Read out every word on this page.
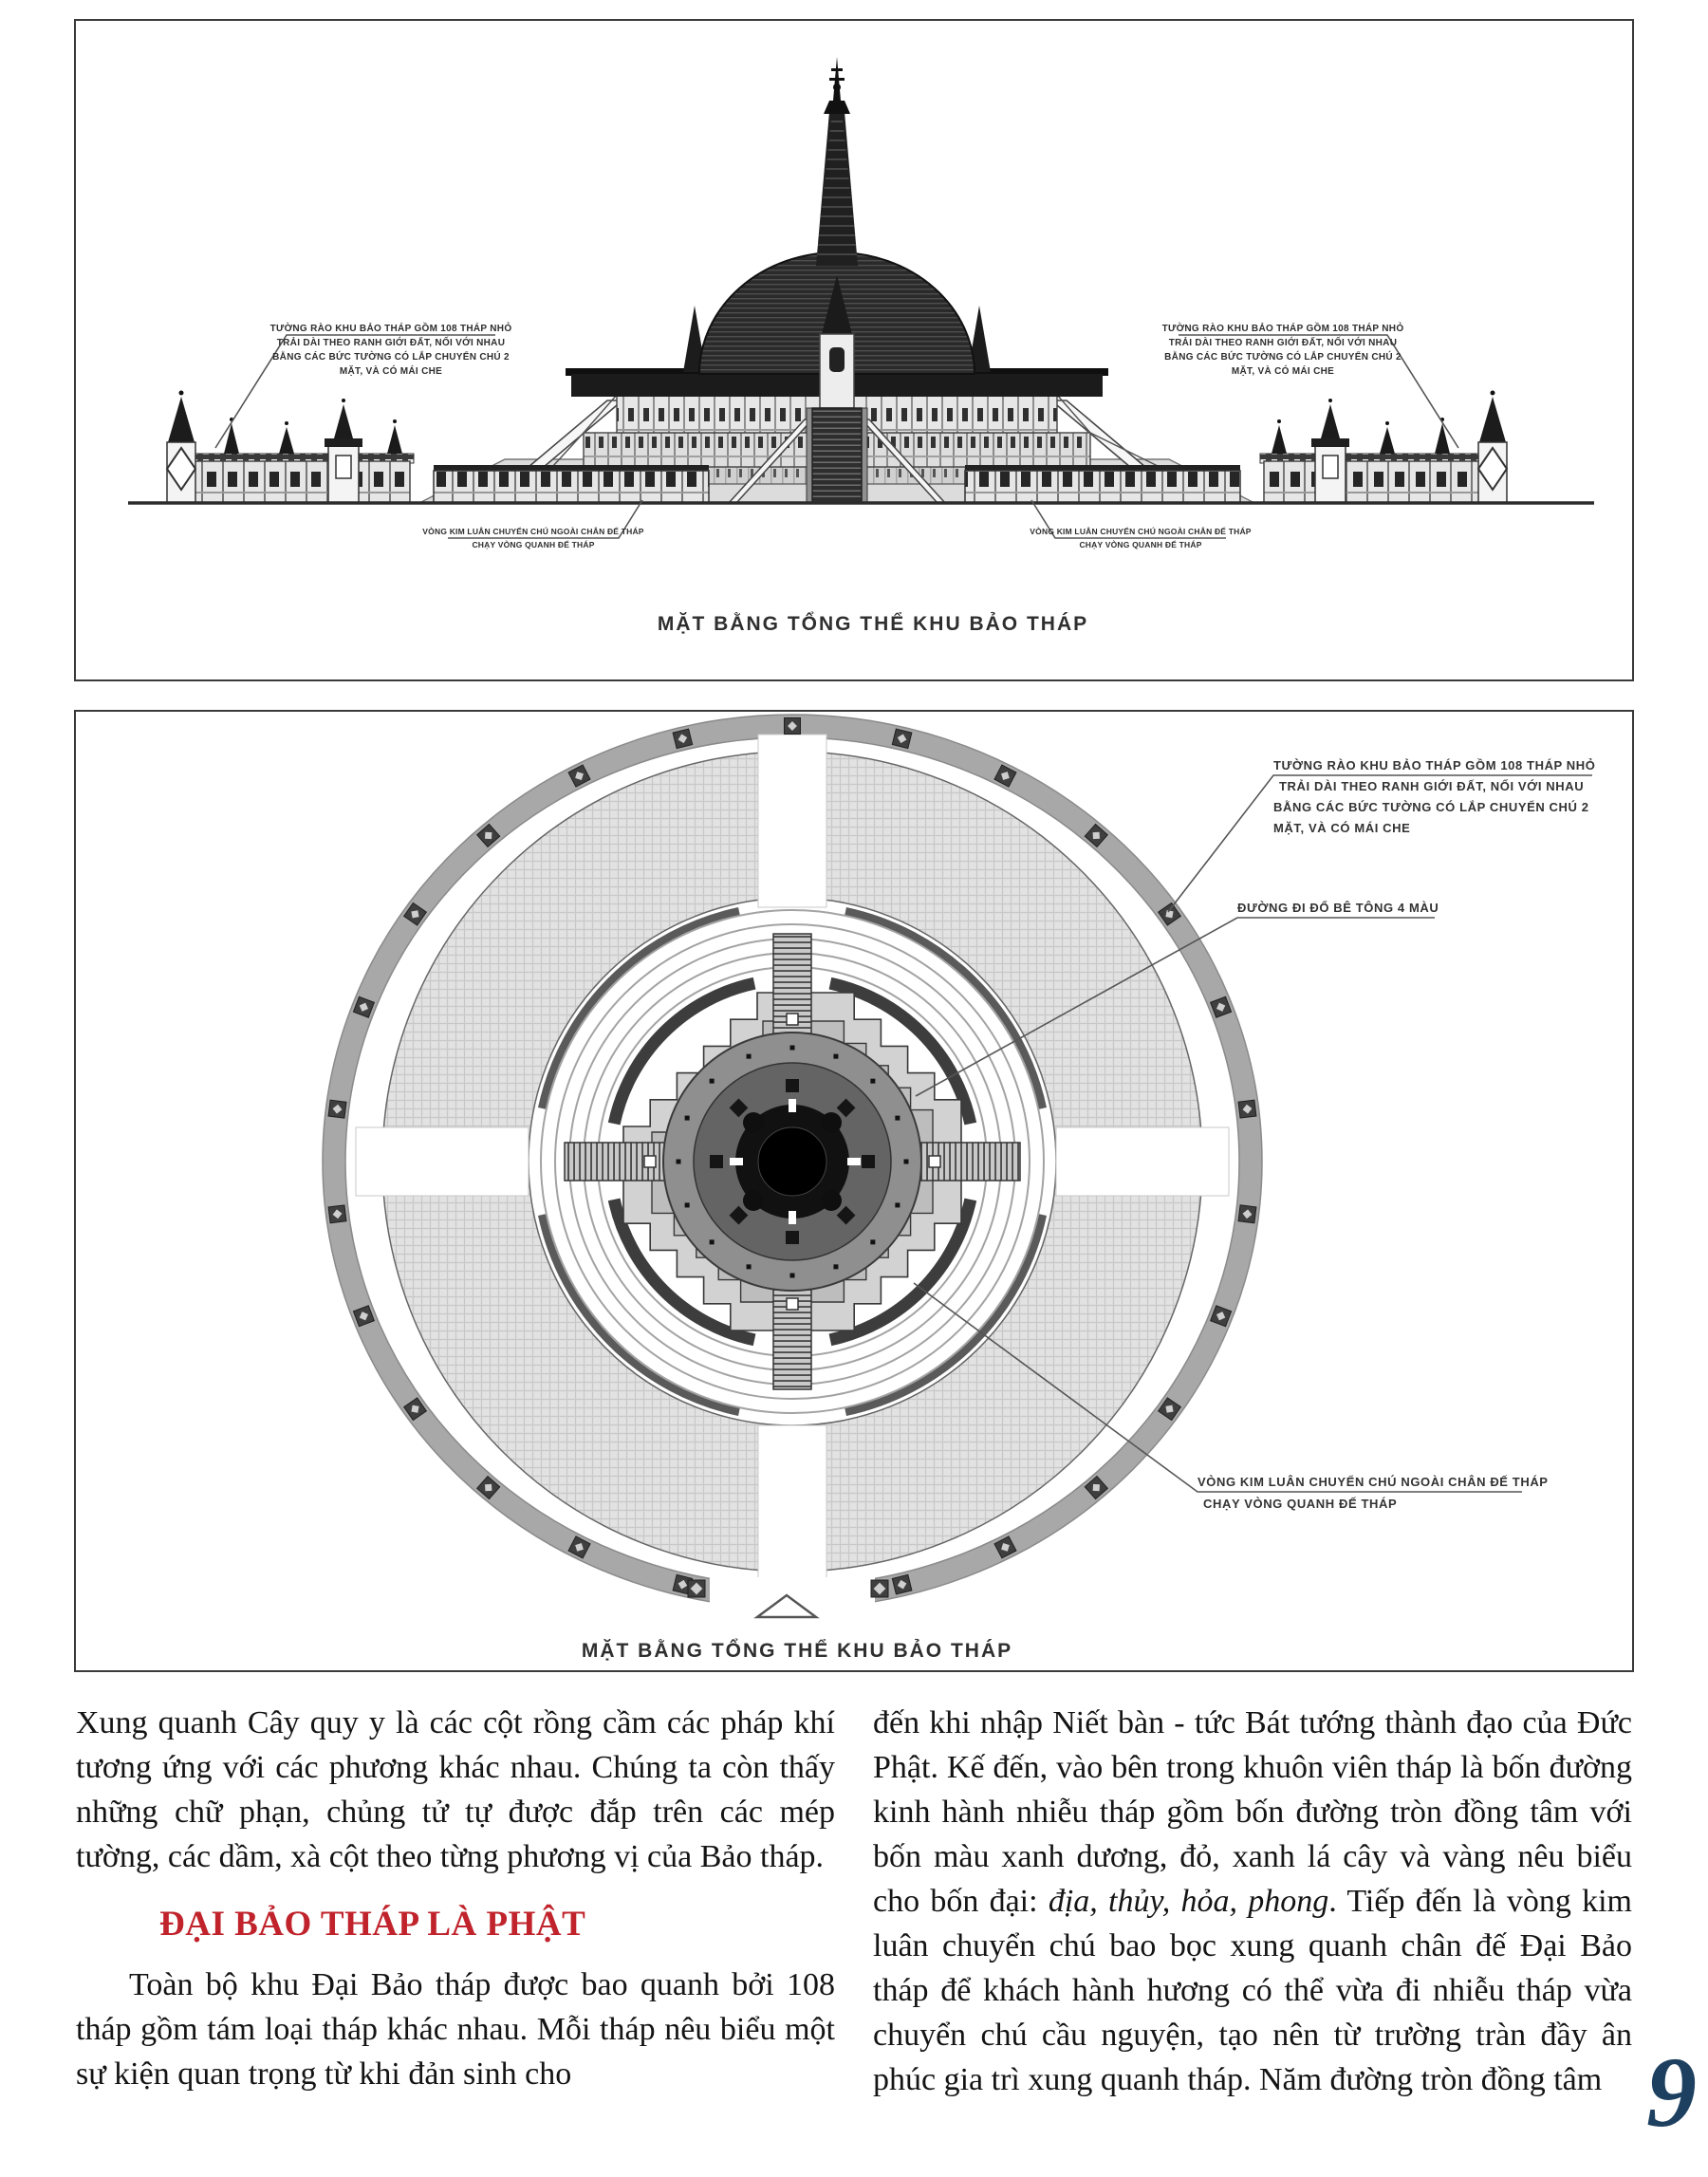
TƯỜNG RÀO KHU BẢO THÁP GỒM 108 THÁP NHỎ
TRẢI DÀI THEO RANH GIỚI ĐẤT, NỐI VỚI NHAU
BẰNG CÁC BỨC TƯỜNG CÓ LẮP CHUYỂN CHÚ 2
MẶT, VÀ CÓ MÁI CHE
TƯỜNG RÀO KHU BẢO THÁP GỒM 108 THÁP NHỎ
TRẢI DÀI THEO RANH GIỚI ĐẤT, NỐI VỚI NHAU
BẰNG CÁC BỨC TƯỜNG CÓ LẮP CHUYỂN CHÚ 2
MẶT, VÀ CÓ MÁI CHE
VÒNG KIM LUÂN CHUYỂN CHÚ NGOÀI CHÂN ĐẾ THÁP
CHẠY VÒNG QUANH ĐẾ THÁP
VÒNG KIM LUÂN CHUYỂN CHÚ NGOÀI CHÂN ĐẾ THÁP
CHẠY VÒNG QUANH ĐẾ THÁP
MẶT BẰNG TỔNG THỂ KHU BẢO THÁP
TƯỜNG RÀO KHU BẢO THÁP GỒM 108 THÁP NHỎ
TRẢI DÀI THEO RANH GIỚI ĐẤT, NỐI VỚI NHAU
BẰNG CÁC BỨC TƯỜNG CÓ LẮP CHUYỂN CHÚ 2
MẶT, VÀ CÓ MÁI CHE
ĐƯỜNG ĐI ĐỔ BÊ TÔNG 4 MÀU
VÒNG KIM LUÂN CHUYỂN CHÚ NGOÀI CHÂN ĐẾ THÁP
CHẠY VÒNG QUANH ĐẾ THÁP
MẶT BẰNG TỔNG THỂ KHU BẢO THÁP

Xung quanh Cây quy y là các cột rồng cầm các pháp khí tương ứng với các phương khác nhau. Chúng ta còn thấy những chữ phạn, chủng tử tự được đắp trên các mép tường, các dầm, xà cột theo từng phương vị của Bảo tháp.

ĐẠI BẢO THÁP LÀ PHẬT

Toàn bộ khu Đại Bảo tháp được bao quanh bởi 108 tháp gồm tám loại tháp khác nhau. Mỗi tháp nêu biểu một sự kiện quan trọng từ khi đản sinh cho

đến khi nhập Niết bàn - tức Bát tướng thành đạo của Đức Phật. Kế đến, vào bên trong khuôn viên tháp là bốn đường kinh hành nhiễu tháp gồm bốn đường tròn đồng tâm với bốn màu xanh dương, đỏ, xanh lá cây và vàng nêu biểu cho bốn đại: địa, thủy, hỏa, phong. Tiếp đến là vòng kim luân chuyển chú bao bọc xung quanh chân đế Đại Bảo tháp để khách hành hương có thể vừa đi nhiễu tháp vừa chuyển chú cầu nguyện, tạo nên từ trường tràn đầy ân phúc gia trì xung quanh tháp. Năm đường tròn đồng tâm 9
